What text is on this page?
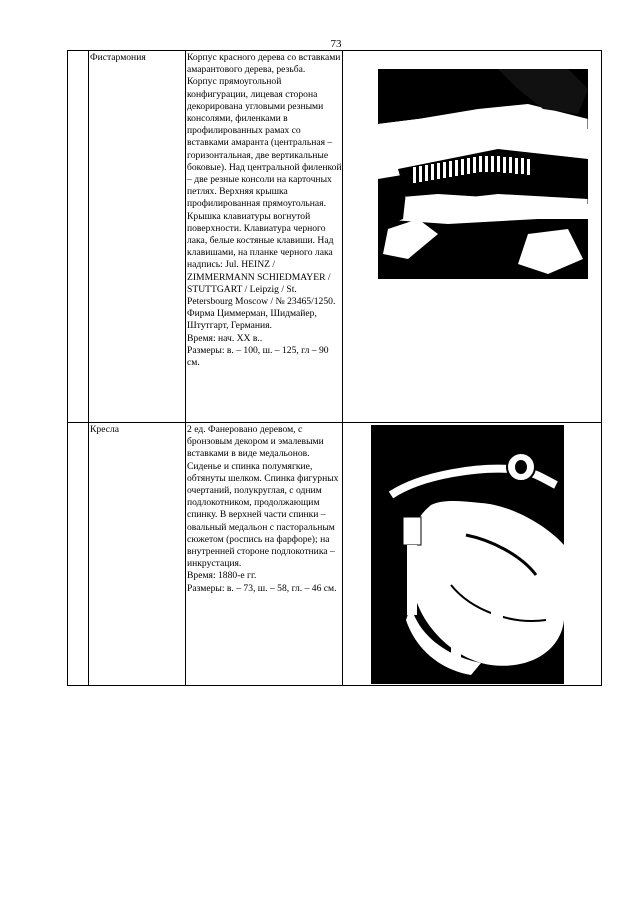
73

	Фистармония	Корпус красного дерева со вставками амарантового дерева, резьба.

Корпус прямоугольной конфигурации, лицевая сторона декорирована угловыми резными консолями, филенками в профилированных рамах со вставками амаранта (центральная – горизонтальная, две вертикальные боковые). Над центральной филенкой – две резные консоли на карточных петлях. Верхняя крышка профилированная прямоугольная. Крышка клавиатуры вогнутой поверхности. Клавиатура черного лака, белые костяные клавиши. Над клавишами, на планке черного лака надпись: Jul. HEINZ / ZIMMERMANN SCHIEDMAYER / STUTTGART / Leipzig / St. Petersbourg Moscow / № 23465/1250. Фирма Циммерман, Шидмайер, Штутгарт, Германия.

Время: нач. XX в..

Размеры: в. – 100, ш. – 125, гл – 90 см.

	Кресла	2 ед. Фанеровано деревом, с бронзовым декором и эмалевыми вставками в виде медальонов. Сиденье и спинка полумягкие, обтянуты шелком. Спинка фигурных очертаний, полукруглая, с одним подлокотником, продолжающим спинку. В верхней части спинки – овальный медальон с пасторальным сюжетом (роспись на фарфоре); на внутренней стороне подлокотника – инкрустация.

Время: 1880-е гг.

Размеры: в. – 73, ш. – 58, гл. – 46 см.
